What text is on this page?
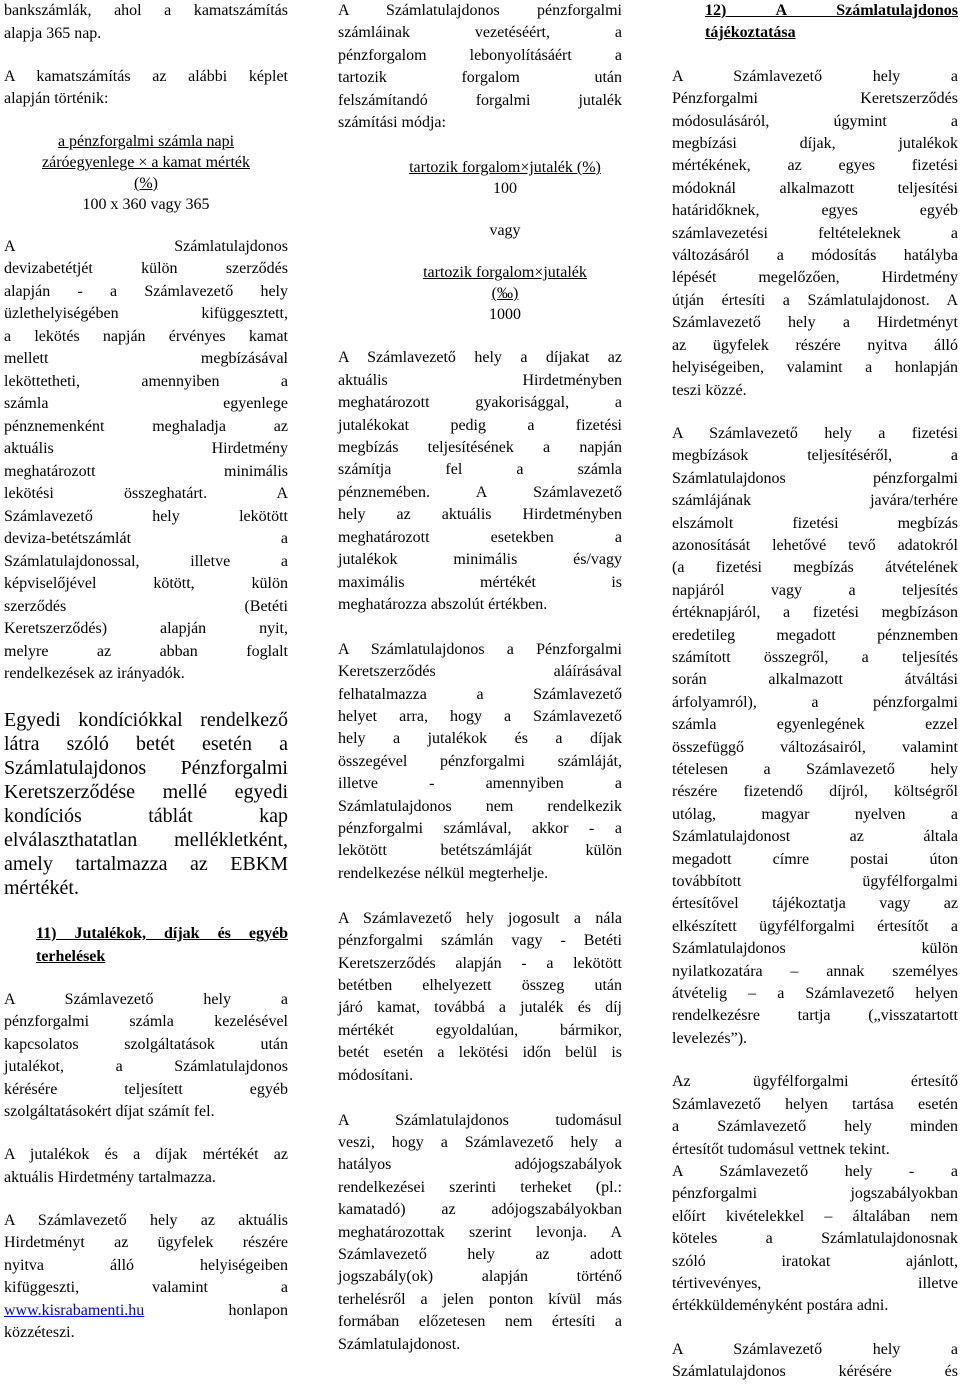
bankszámlák, ahol a kamatszámítás
alapja 365 nap.
A kamatszámítás az alábbi képlet
alapján történik:
a pénzforgalmi számla napi
záróegyenlege × a kamat mérték
(%)
100 x 360 vagy 365
A Számlatulajdonos
devizabetétjét külön szerződés
alapján - a Számlavezető hely
üzlethelyiségében kifüggesztett,
a lekötés napján érvényes kamat
mellett megbízásával
leköttetheti, amennyiben a
számla egyenlege
pénznemenként meghaladja az
aktuális Hirdetmény
meghatározott minimális
lekötési összeghatárt. A
Számlavezető hely lekötött
deviza-betétszámlát a
Számlatulajdonossal, illetve a
képviselőjével kötött, külön
szerződés (Betéti
Keretszerződés) alapján nyit,
melyre az abban foglalt
rendelkezések az irányadók.
Egyedi kondíciókkal rendelkező
látra szóló betét esetén a
Számlatulajdonos Pénzforgalmi
Keretszerződése mellé egyedi
kondíciós táblát kap
elválaszthatatlan mellékletként,
amely tartalmazza az EBKM
mértékét.
11) Jutalékok, díjak és egyéb
terhelések
A Számlavezető hely a
pénzforgalmi számla kezelésével
kapcsolatos szolgáltatások után
jutalékot, a Számlatulajdonos
kérésére teljesített egyéb
szolgáltatásokért díjat számít fel.
A jutalékok és a díjak mértékét az
aktuális Hirdetmény tartalmazza.
A Számlavezető hely az aktuális
Hirdetményt az ügyfelek részére
nyitva álló helyiségeiben
kifüggeszti, valamint a
www.kisrabamenti.hu honlapon
közzéteszi.
A Számlatulajdonos pénzforgalmi
számláinak vezetéséért, a
pénzforgalom lebonyolításáért a
tartozik forgalom után
felszámítandó forgalmi jutalék
számítási módja:
tartozik forgalom×jutalék (%)
100
vagy
tartozik forgalom×jutalék
(‰)
1000
A Számlavezető hely a díjakat az
aktuális Hirdetményben
meghatározott gyakorisággal, a
jutalékokat pedig a fizetési
megbízás teljesítésének a napján
számítja fel a számla
pénznemében. A Számlavezető
hely az aktuális Hirdetményben
meghatározott esetekben a
jutalékok minimális és/vagy
maximális mértékét is
meghatározza abszolút értékben.
A Számlatulajdonos a Pénzforgalmi
Keretszerződés aláírásával
felhatalmazza a Számlavezető
helyet arra, hogy a Számlavezető
hely a jutalékok és a díjak
összegével pénzforgalmi számláját,
illetve - amennyiben a
Számlatulajdonos nem rendelkezik
pénzforgalmi számlával, akkor - a
lekötött betétszámláját külön
rendelkezése nélkül megterhelje.
A Számlavezető hely jogosult a nála
pénzforgalmi számlán vagy - Betéti
Keretszerződés alapján - a lekötött
betétben elhelyezett összeg után
járó kamat, továbbá a jutalék és díj
mértékét egyoldalúan, bármikor,
betét esetén a lekötési időn belül is
módosítani.
A Számlatulajdonos tudomásul
veszi, hogy a Számlavezető hely a
hatályos adójogszabályok
rendelkezései szerinti terheket (pl.:
kamatadó) az adójogszabályokban
meghatározottak szerint levonja. A
Számlavezető hely az adott
jogszabály(ok) alapján történő
terhelésről a jelen ponton kívül más
formában előzetesen nem értesíti a
Számlatulajdonost.
12) A Számlatulajdonos
tájékoztatása
A Számlavezető hely a
Pénzforgalmi Keretszerződés
módosulásáról, úgymint a
megbízási díjak, jutalékok
mértékének, az egyes fizetési
módoknál alkalmazott teljesítési
határidőknek, egyes egyéb
számlavezetési feltételeknek a
változásáról a módosítás hatályba
lépését megelőzően, Hirdetmény
útján értesíti a Számlatulajdonost. A
Számlavezető hely a Hirdetményt
az ügyfelek részére nyitva álló
helyiségeiben, valamint a honlapján
teszi közzé.
A Számlavezető hely a fizetési
megbízások teljesítéséről, a
Számlatulajdonos pénzforgalmi
számlájának javára/terhére
elszámolt fizetési megbízás
azonosítását lehetővé tevő adatokról
(a fizetési megbízás átvételének
napjáról vagy a teljesítés
értéknapjáról, a fizetési megbízáson
eredetileg megadott pénznemben
számított összegről, a teljesítés
során alkalmazott átváltási
árfolyamról), a pénzforgalmi
számla egyenlegének ezzel
összefüggő változásairól, valamint
tételesen a Számlavezető hely
részére fizetendő díjról, költségről
utólag, magyar nyelven a
Számlatulajdonost az általa
megadott címre postai úton
továbbított ügyfélforgalmi
értesítővel tájékoztatja vagy az
elkészített ügyfélforgalmi értesítőt a
Számlatulajdonos külön
nyilatkozatára – annak személyes
átvételig – a Számlavezető helyen
rendelkezésre tartja („visszatartott
levelezés”).
Az ügyfélforgalmi értesítő
Számlavezető helyen tartása esetén
a Számlavezető hely minden
értesítőt tudomásul vettnek tekint.
A Számlavezető hely - a
pénzforgalmi jogszabályokban
előírt kivételekkel – általában nem
köteles a Számlatulajdonosnak
szóló iratokat ajánlott,
tértivevényes, illetve
értékküldeményként postára adni.
A Számlavezető hely a
Számlatulajdonos kérésére és
